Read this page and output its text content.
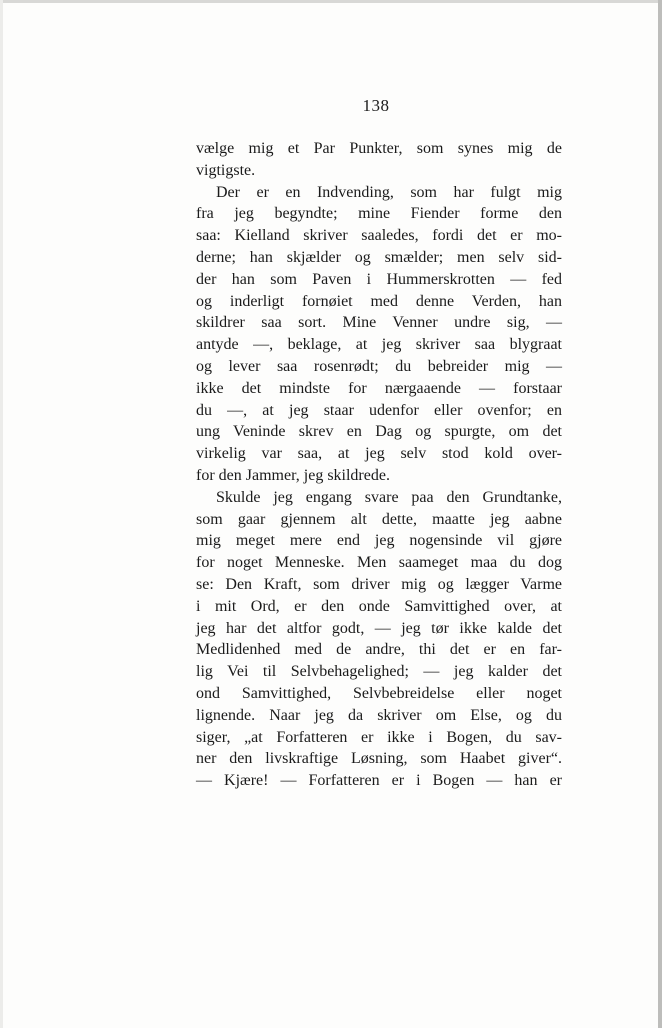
138
vælge mig et Par Punkter, som synes mig de
vigtigste.
Der er en Indvending, som har fulgt mig
fra jeg begyndte; mine Fiender forme den
saa: Kielland skriver saaledes, fordi det er mo-
derne; han skjælder og smælder; men selv sid-
der han som Paven i Hummerskrotten — fed
og inderligt fornøiet med denne Verden, han
skildrer saa sort. Mine Venner undre sig, —
antyde —, beklage, at jeg skriver saa blygraat
og lever saa rosenrødt; du bebreider mig —
ikke det mindste for nærgaaende — forstaar
du —, at jeg staar udenfor eller ovenfor; en
ung Veninde skrev en Dag og spurgte, om det
virkelig var saa, at jeg selv stod kold over-
for den Jammer, jeg skildrede.
Skulde jeg engang svare paa den Grundtanke,
som gaar gjennem alt dette, maatte jeg aabne
mig meget mere end jeg nogensinde vil gjøre
for noget Menneske. Men saameget maa du dog
se: Den Kraft, som driver mig og lægger Varme
i mit Ord, er den onde Samvittighed over, at
jeg har det altfor godt, — jeg tør ikke kalde det
Medlidenhed med de andre, thi det er en far-
lig Vei til Selvbehagelighed; — jeg kalder det
ond Samvittighed, Selvbebreidelse eller noget
lignende. Naar jeg da skriver om Else, og du
siger, „at Forfatteren er ikke i Bogen, du sav-
ner den livskraftige Løsning, som Haabet giver“.
— Kjære! — Forfatteren er i Bogen — han er
